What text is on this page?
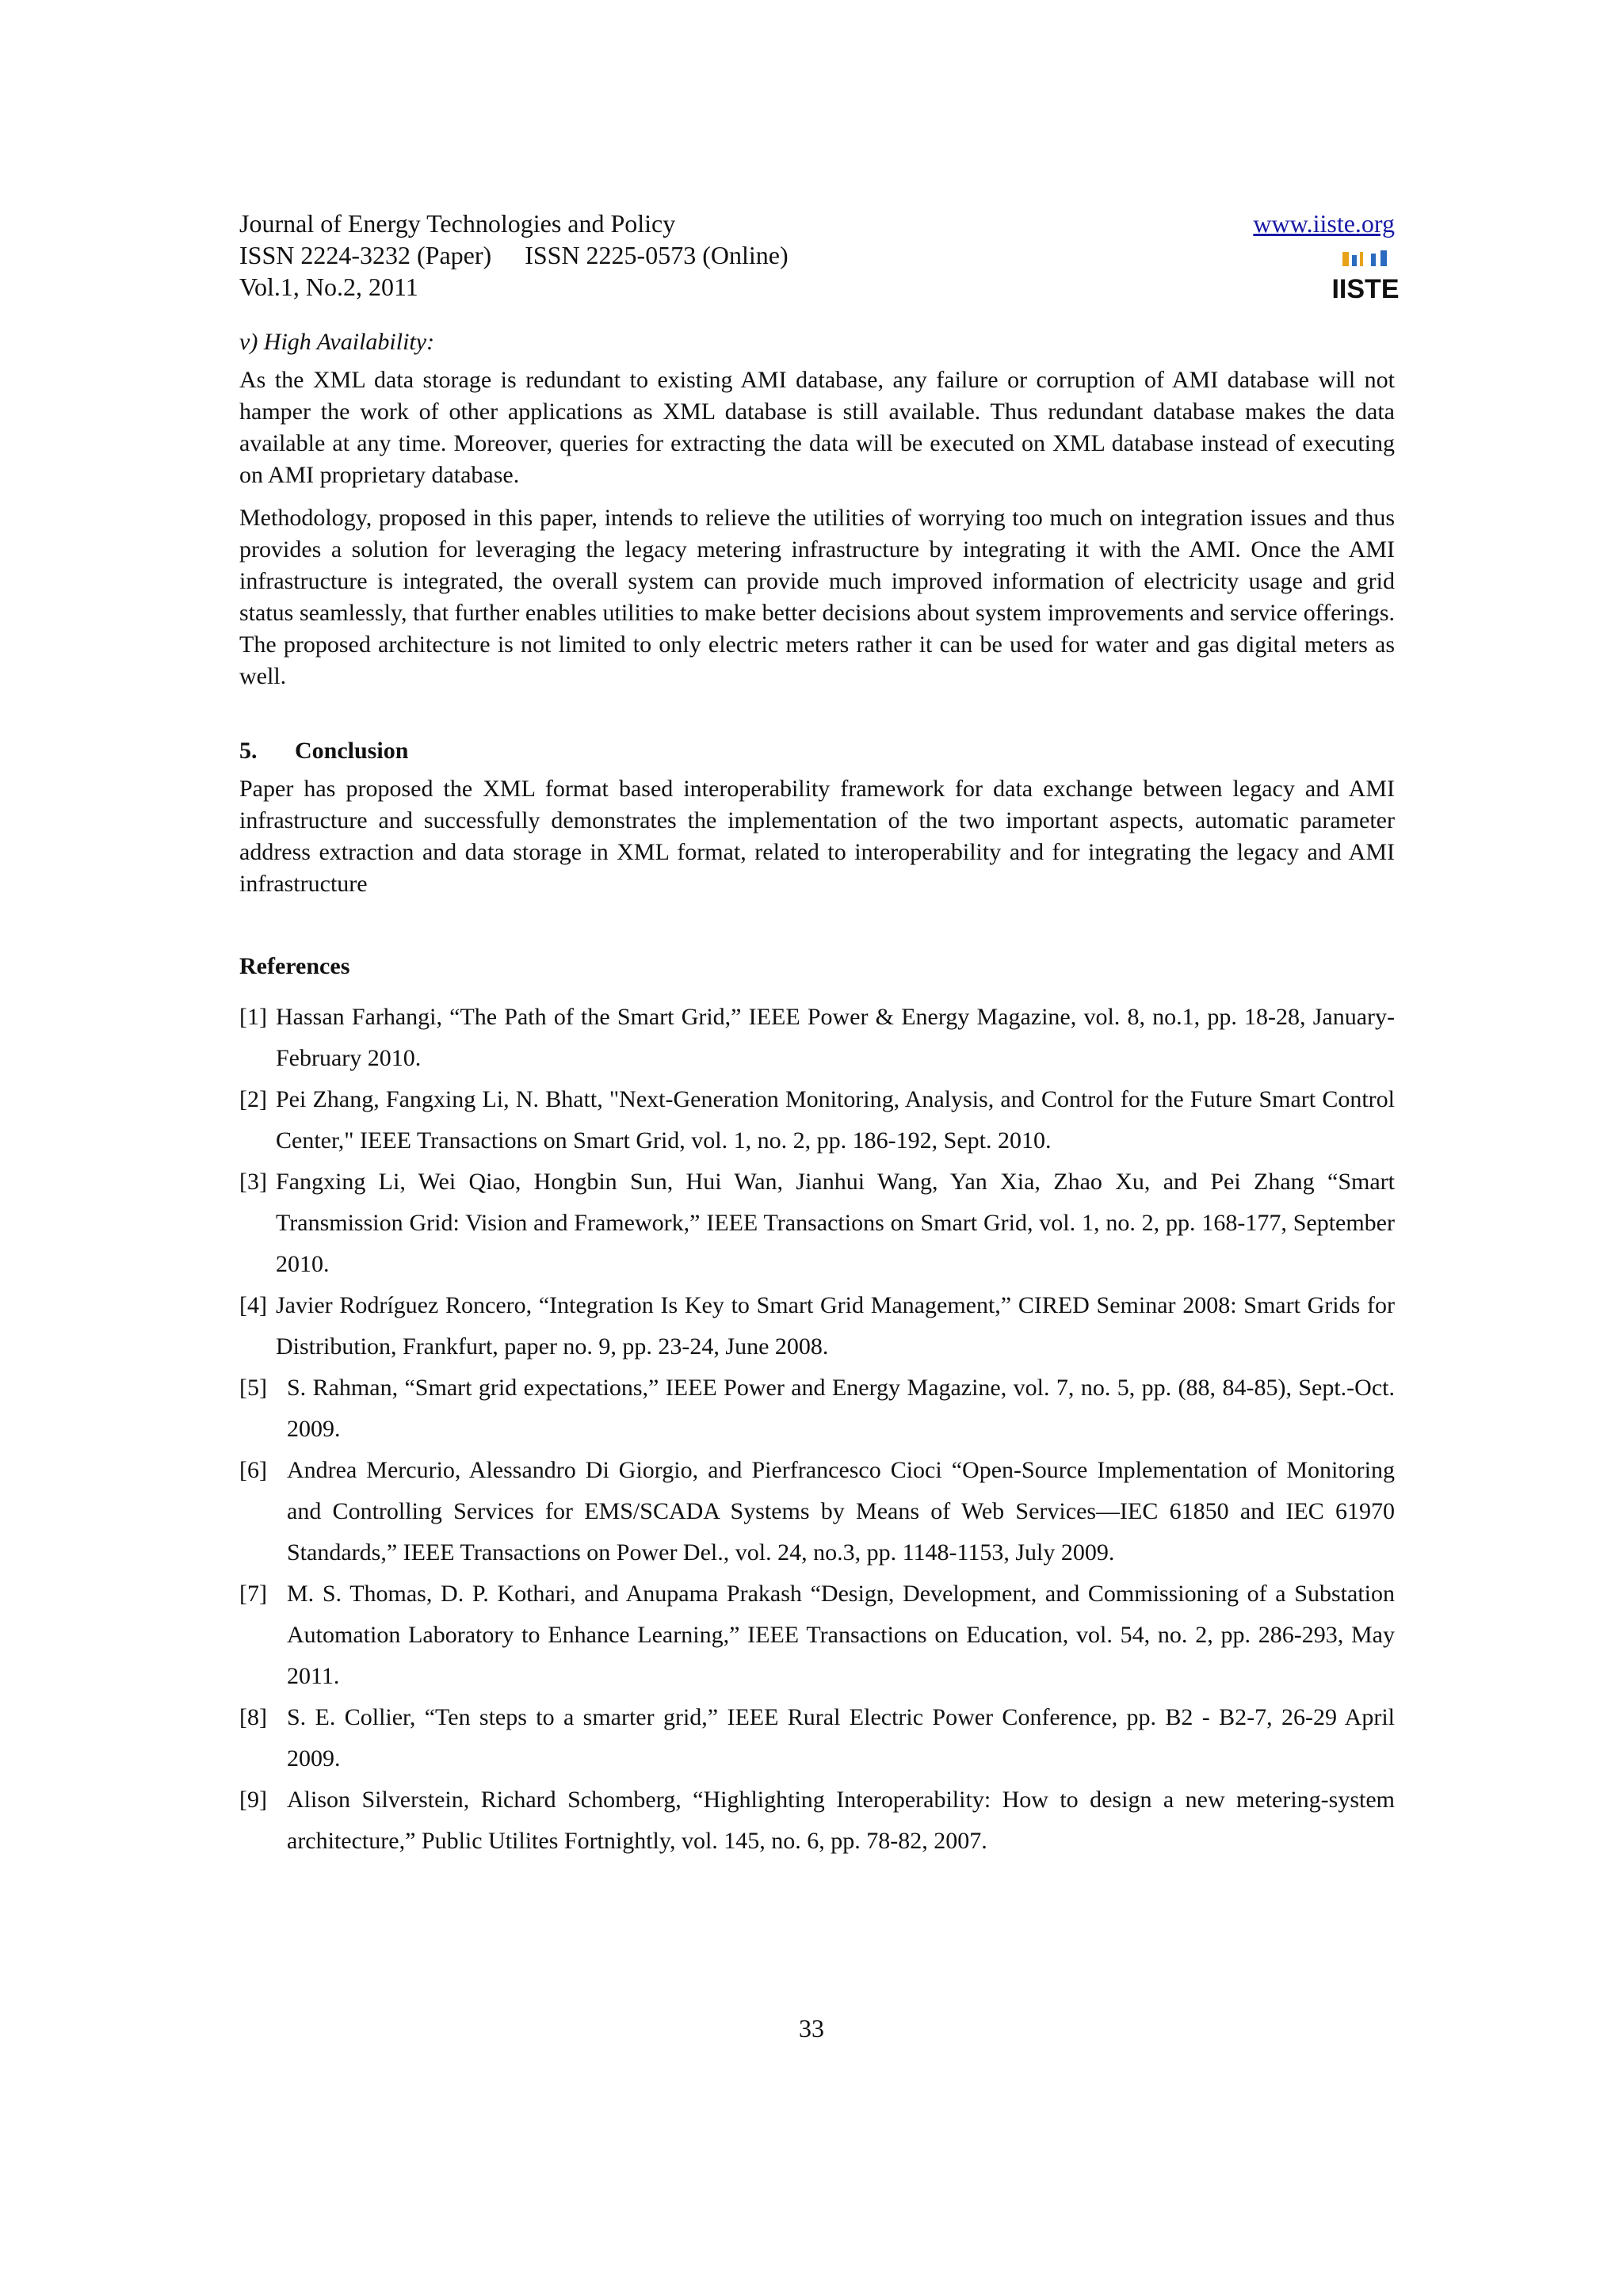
Journal of Energy Technologies and Policy
ISSN 2224-3232 (Paper) ISSN 2225-0573 (Online)
Vol.1, No.2, 2011
www.iiste.org
IISTE
v) High Availability:

As the XML data storage is redundant to existing AMI database, any failure or corruption of AMI database will not hamper the work of other applications as XML database is still available. Thus redundant database makes the data available at any time. Moreover, queries for extracting the data will be executed on XML database instead of executing on AMI proprietary database.

Methodology, proposed in this paper, intends to relieve the utilities of worrying too much on integration issues and thus provides a solution for leveraging the legacy metering infrastructure by integrating it with the AMI. Once the AMI infrastructure is integrated, the overall system can provide much improved information of electricity usage and grid status seamlessly, that further enables utilities to make better decisions about system improvements and service offerings. The proposed architecture is not limited to only electric meters rather it can be used for water and gas digital meters as well.

5. Conclusion

Paper has proposed the XML format based interoperability framework for data exchange between legacy and AMI infrastructure and successfully demonstrates the implementation of the two important aspects, automatic parameter address extraction and data storage in XML format, related to interoperability and for integrating the legacy and AMI infrastructure

References
[1] Hassan Farhangi, “The Path of the Smart Grid,” IEEE Power & Energy Magazine, vol. 8, no.1, pp. 18-28, January-February 2010.
[2] Pei Zhang, Fangxing Li, N. Bhatt, "Next-Generation Monitoring, Analysis, and Control for the Future Smart Control Center," IEEE Transactions on Smart Grid, vol. 1, no. 2, pp. 186-192, Sept. 2010.
[3] Fangxing Li, Wei Qiao, Hongbin Sun, Hui Wan, Jianhui Wang, Yan Xia, Zhao Xu, and Pei Zhang “Smart Transmission Grid: Vision and Framework,” IEEE Transactions on Smart Grid, vol. 1, no. 2, pp. 168-177, September 2010.
[4] Javier Rodríguez Roncero, “Integration Is Key to Smart Grid Management,” CIRED Seminar 2008: Smart Grids for Distribution, Frankfurt, paper no. 9, pp. 23-24, June 2008.
[5] S. Rahman, “Smart grid expectations,” IEEE Power and Energy Magazine, vol. 7, no. 5, pp. (88, 84-85), Sept.-Oct. 2009.
[6] Andrea Mercurio, Alessandro Di Giorgio, and Pierfrancesco Cioci “Open-Source Implementation of Monitoring and Controlling Services for EMS/SCADA Systems by Means of Web Services—IEC 61850 and IEC 61970 Standards,” IEEE Transactions on Power Del., vol. 24, no.3, pp. 1148-1153, July 2009.
[7] M. S. Thomas, D. P. Kothari, and Anupama Prakash “Design, Development, and Commissioning of a Substation Automation Laboratory to Enhance Learning,” IEEE Transactions on Education, vol. 54, no. 2, pp. 286-293, May 2011.
[8] S. E. Collier, “Ten steps to a smarter grid,” IEEE Rural Electric Power Conference, pp. B2 - B2-7, 26-29 April 2009.
[9] Alison Silverstein, Richard Schomberg, “Highlighting Interoperability: How to design a new metering-system architecture,” Public Utilites Fortnightly, vol. 145, no. 6, pp. 78-82, 2007.
33
